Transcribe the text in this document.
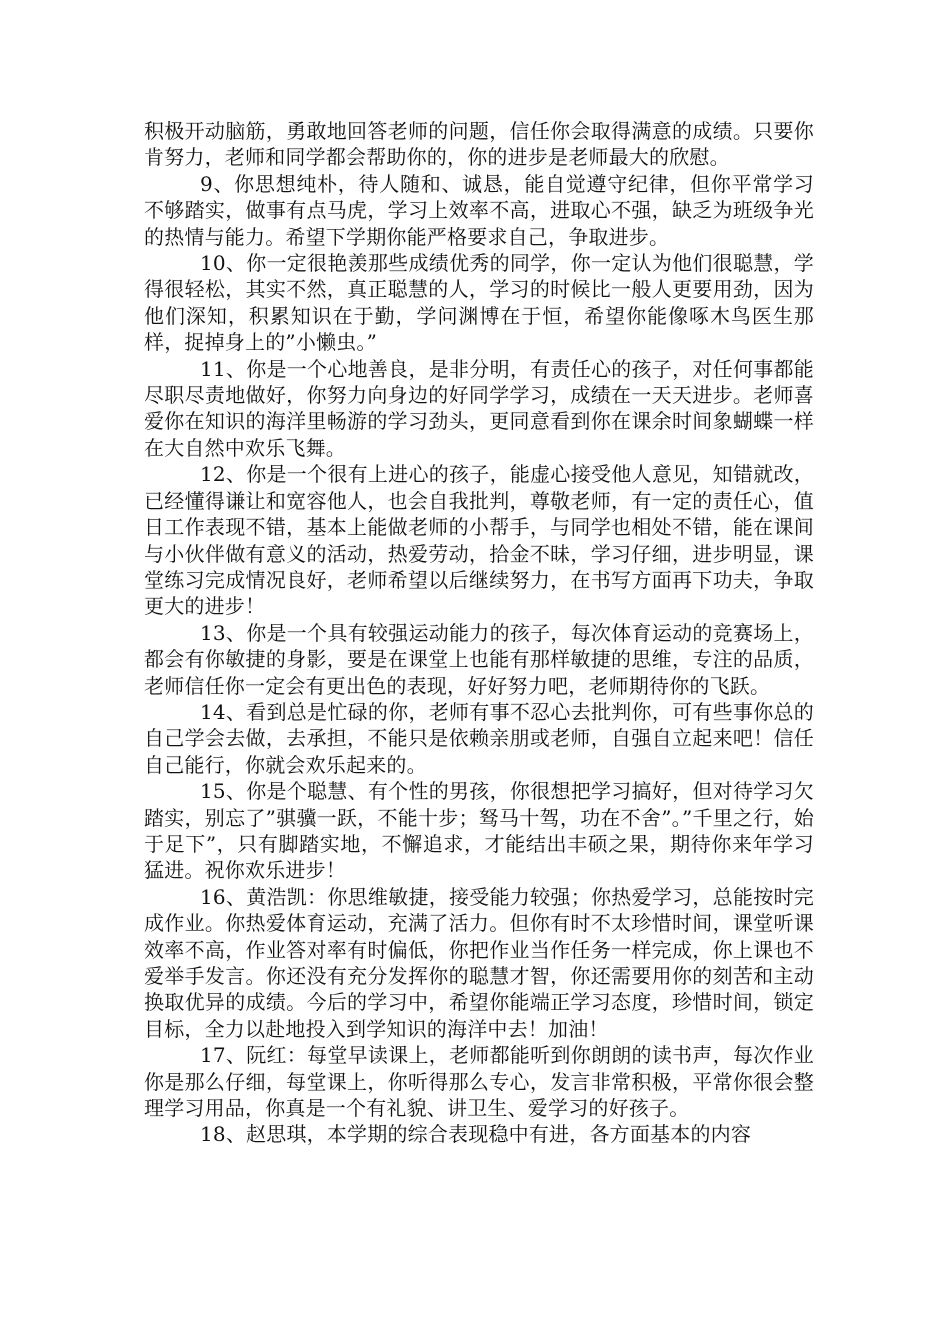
积极开动脑筋，勇敢地回答老师的问题，信任你会取得满意的成绩。只要你肯努力，老师和同学都会帮助你的，你的进步是老师最大的欣慰。

9、你思想纯朴，待人随和、诚恳，能自觉遵守纪律，但你平常学习不够踏实，做事有点马虎，学习上效率不高，进取心不强，缺乏为班级争光的热情与能力。希望下学期你能严格要求自己，争取进步。

10、你一定很艳羡那些成绩优秀的同学，你一定认为他们很聪慧，学得很轻松，其实不然，真正聪慧的人，学习的时候比一般人更要用劲，因为他们深知，积累知识在于勤，学问渊博在于恒，希望你能像啄木鸟医生那样，捉掉身上的”小懒虫。”

11、你是一个心地善良，是非分明，有责任心的孩子，对任何事都能尽职尽责地做好，你努力向身边的好同学学习，成绩在一天天进步。老师喜爱你在知识的海洋里畅游的学习劲头，更同意看到你在课余时间象蝴蝶一样在大自然中欢乐飞舞。

12、你是一个很有上进心的孩子，能虚心接受他人意见，知错就改，已经懂得谦让和宽容他人，也会自我批判，尊敬老师，有一定的责任心，值日工作表现不错，基本上能做老师的小帮手，与同学也相处不错，能在课间与小伙伴做有意义的活动，热爱劳动，拾金不昧，学习仔细，进步明显，课堂练习完成情况良好，老师希望以后继续努力，在书写方面再下功夫，争取更大的进步！

13、你是一个具有较强运动能力的孩子，每次体育运动的竞赛场上，都会有你敏捷的身影，要是在课堂上也能有那样敏捷的思维，专注的品质，老师信任你一定会有更出色的表现，好好努力吧，老师期待你的飞跃。

14、看到总是忙碌的你，老师有事不忍心去批判你，可有些事你总的自己学会去做，去承担，不能只是依赖亲朋或老师，自强自立起来吧！信任自己能行，你就会欢乐起来的。

15、你是个聪慧、有个性的男孩，你很想把学习搞好，但对待学习欠踏实，别忘了”骐骥一跃，不能十步；驽马十驾，功在不舍”。”千里之行，始于足下”，只有脚踏实地，不懈追求，才能结出丰硕之果，期待你来年学习猛进。祝你欢乐进步！

16、黄浩凯：你思维敏捷，接受能力较强；你热爱学习，总能按时完成作业。你热爱体育运动，充满了活力。但你有时不太珍惜时间，课堂听课效率不高，作业答对率有时偏低，你把作业当作任务一样完成，你上课也不爱举手发言。你还没有充分发挥你的聪慧才智，你还需要用你的刻苦和主动换取优异的成绩。今后的学习中，希望你能端正学习态度，珍惜时间，锁定目标，全力以赴地投入到学知识的海洋中去！加油！

17、阮红：每堂早读课上，老师都能听到你朗朗的读书声，每次作业你是那么仔细，每堂课上，你听得那么专心，发言非常积极，平常你很会整理学习用品，你真是一个有礼貌、讲卫生、爱学习的好孩子。

18、赵思琪，本学期的综合表现稳中有进，各方面基本的内容
